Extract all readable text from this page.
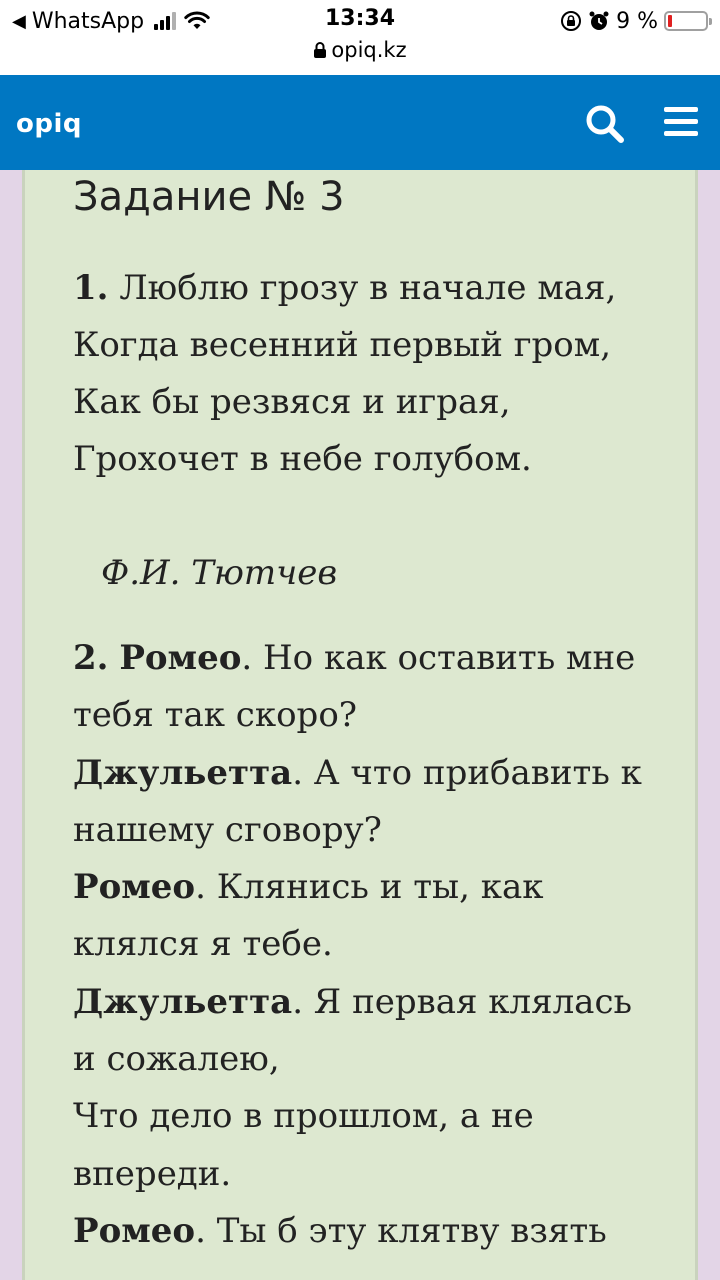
◀ WhatsApp	13:34
opiq.kz
9 %
opiq
Задание № 3
1. Люблю грозу в начале мая,
Когда весенний первый гром,
Как бы резвяся и играя,
Грохочет в небе голубом.
Ф.И. Тютчев
2. Ромео. Но как оставить мне
тебя так скоро?
Джульетта. А что прибавить к
нашему сговору?
Ромео. Клянись и ты, как
клялся я тебе.
Джульетта. Я первая клялась
и сожалею,
Что дело в прошлом, а не
впереди.
Ромео. Ты б эту клятву взять
